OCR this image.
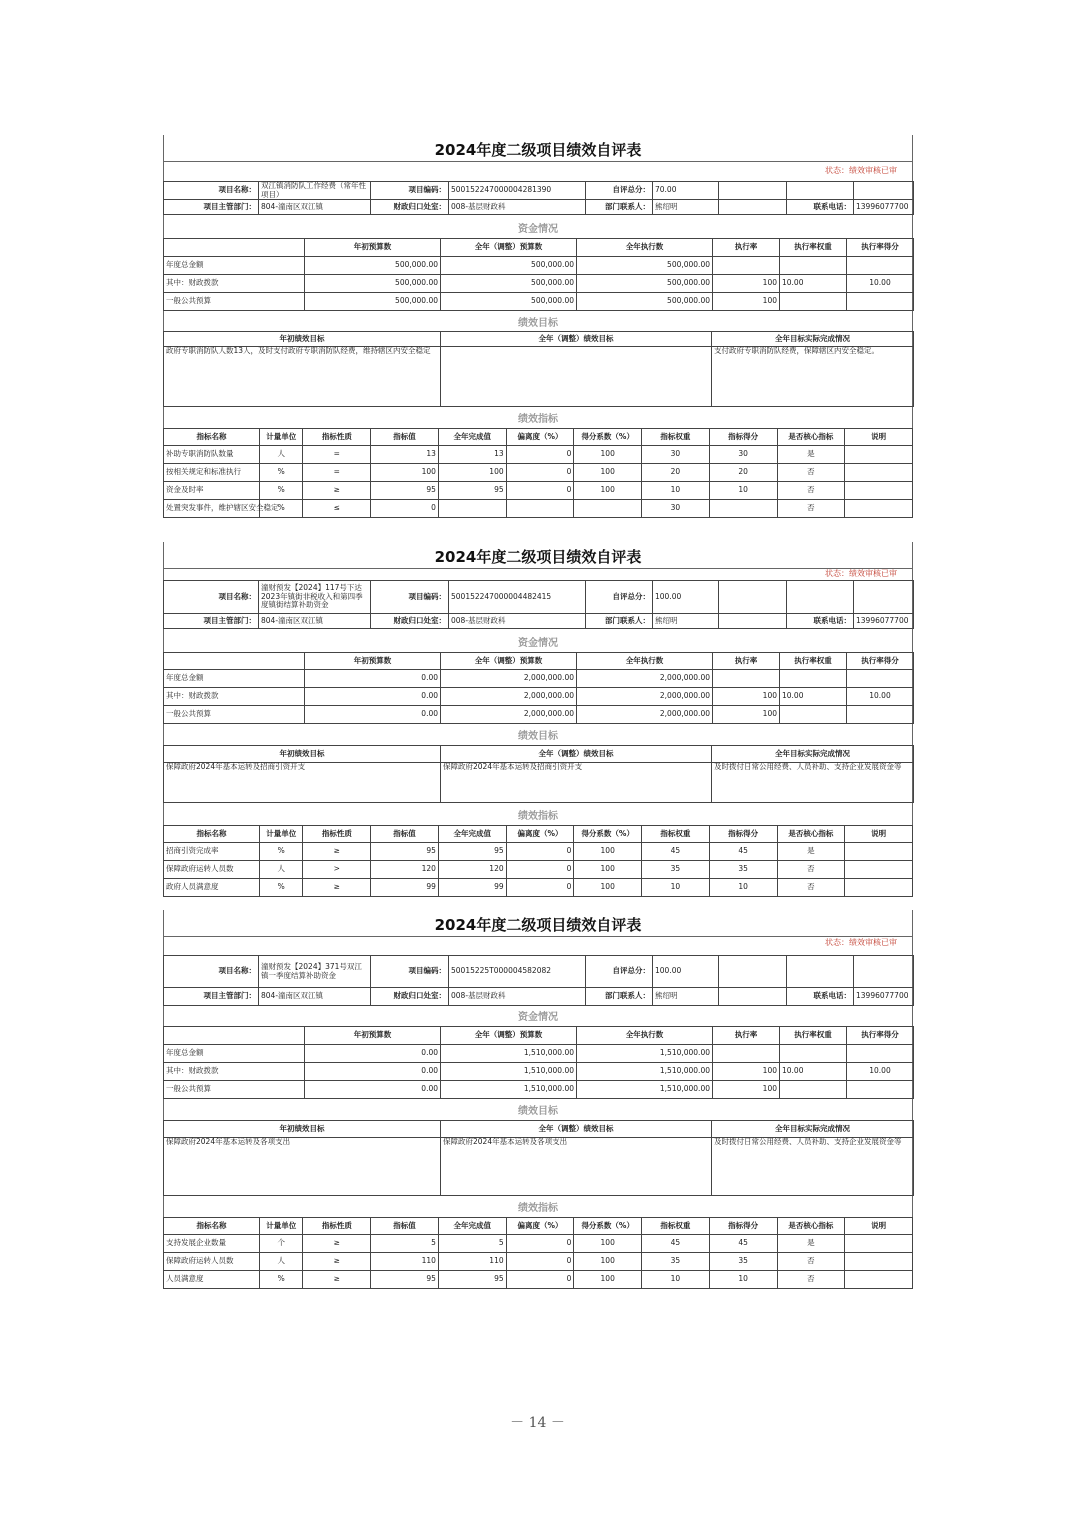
2024年度二级项目绩效自评表
状态：绩效审核已审
项目名称：	双江镇消防队工作经费（常年性项目）	项目编码：	500152247000004281390	自评总分：	70.00			
项目主管部门：	804-潼南区双江镇	财政归口处室：	008-基层财政科	部门联系人：	熊绍明		联系电话：	13996077700
资金情况
	年初预算数	全年（调整）预算数	全年执行数	执行率	执行率权重	执行率得分
年度总金额	500,000.00	500,000.00	500,000.00			
其中：财政拨款	500,000.00	500,000.00	500,000.00	100	10.00	10.00
一般公共预算	500,000.00	500,000.00	500,000.00	100		
绩效目标
年初绩效目标	全年（调整）绩效目标	全年目标实际完成情况
政府专职消防队人数13人，及时支付政府专职消防队经费，维持辖区内安全稳定		支付政府专职消防队经费，保障辖区内安全稳定。
绩效指标
指标名称	计量单位	指标性质	指标值	全年完成值	偏离度（%）	得分系数（%）	指标权重	指标得分	是否核心指标	说明
补助专职消防队数量	人	=	13	13	0	100	30	30	是	
按相关规定和标准执行	%	=	100	100	0	100	20	20	否	
资金及时率	%	≥	95	95	0	100	10	10	否	
处置突发事件，维护辖区安全稳定	%	≤	0				30		否	
2024年度二级项目绩效自评表
状态：绩效审核已审
项目名称：	潼财预发【2024】117号下达2023年镇街非税收入和第四季度镇街结算补助资金	项目编码：	500152247000004482415	自评总分：	100.00			
项目主管部门：	804-潼南区双江镇	财政归口处室：	008-基层财政科	部门联系人：	熊绍明		联系电话：	13996077700
资金情况
	年初预算数	全年（调整）预算数	全年执行数	执行率	执行率权重	执行率得分
年度总金额	0.00	2,000,000.00	2,000,000.00			
其中：财政拨款	0.00	2,000,000.00	2,000,000.00	100	10.00	10.00
一般公共预算	0.00	2,000,000.00	2,000,000.00	100		
绩效目标
年初绩效目标	全年（调整）绩效目标	全年目标实际完成情况
保障政府2024年基本运转及招商引资开支	保障政府2024年基本运转及招商引资开支	及时拨付日常公用经费、人员补助、支持企业发展资金等
绩效指标
指标名称	计量单位	指标性质	指标值	全年完成值	偏离度（%）	得分系数（%）	指标权重	指标得分	是否核心指标	说明
招商引资完成率	%	≥	95	95	0	100	45	45	是	
保障政府运转人员数	人	>	120	120	0	100	35	35	否	
政府人员满意度	%	≥	99	99	0	100	10	10	否	
2024年度二级项目绩效自评表
状态：绩效审核已审
项目名称：	潼财预发【2024】371号双江镇一季度结算补助资金	项目编码：	50015225T000004582082	自评总分：	100.00			
项目主管部门：	804-潼南区双江镇	财政归口处室：	008-基层财政科	部门联系人：	熊绍明		联系电话：	13996077700
资金情况
	年初预算数	全年（调整）预算数	全年执行数	执行率	执行率权重	执行率得分
年度总金额	0.00	1,510,000.00	1,510,000.00			
其中：财政拨款	0.00	1,510,000.00	1,510,000.00	100	10.00	10.00
一般公共预算	0.00	1,510,000.00	1,510,000.00	100		
绩效目标
年初绩效目标	全年（调整）绩效目标	全年目标实际完成情况
保障政府2024年基本运转及各项支出	保障政府2024年基本运转及各项支出	及时拨付日常公用经费、人员补助、支持企业发展资金等
绩效指标
指标名称	计量单位	指标性质	指标值	全年完成值	偏离度（%）	得分系数（%）	指标权重	指标得分	是否核心指标	说明
支持发展企业数量	个	≥	5	5	0	100	45	45	是	
保障政府运转人员数	人	≥	110	110	0	100	35	35	否	
人员满意度	%	≥	95	95	0	100	10	10	否	
－ 14 －
